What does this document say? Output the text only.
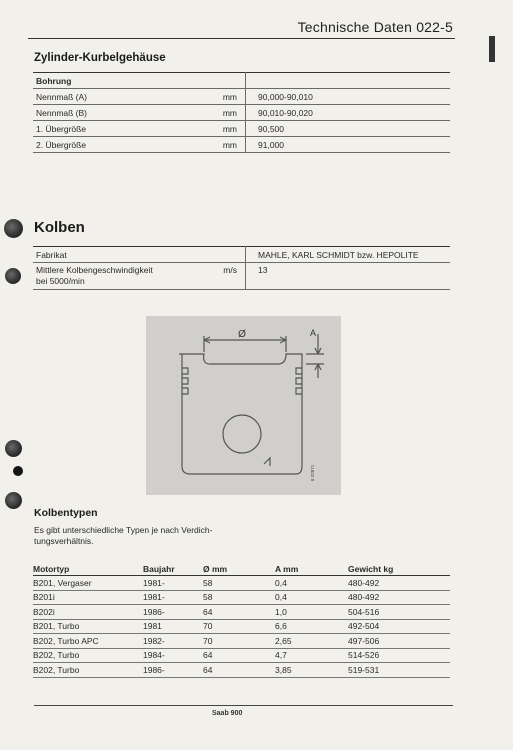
Technische Daten 022-5
Zylinder-Kurbelgehäuse
Bohrung		
Nennmaß (A)	mm	90,000-90,010
Nennmaß (B)	mm	90,010-90,020
1. Übergröße	mm	90,500
2. Übergröße	mm	91,000
Kolben
Fabrikat		MAHLE, KARL SCHMIDT bzw. HEPOLITE
Mittlere Kolbengeschwindigkeit
bei 5000/min	m/s	13
Ø	A
8 32871
Kolbentypen
Es gibt unterschiedliche Typen je nach Verdich-
tungsverhältnis.
Motortyp	Baujahr	Ø mm	A mm	Gewicht kg
B201, Vergaser	1981-	58	0,4	480-492
B201i	1981-	58	0,4	480-492
B202i	1986-	64	1,0	504-516
B201, Turbo	1981	70	6,6	492-504
B202, Turbo APC	1982-	70	2,65	497-506
B202, Turbo	1984-	64	4,7	514-526
B202, Turbo	1986-	64	3,85	519-531
Saab 900
